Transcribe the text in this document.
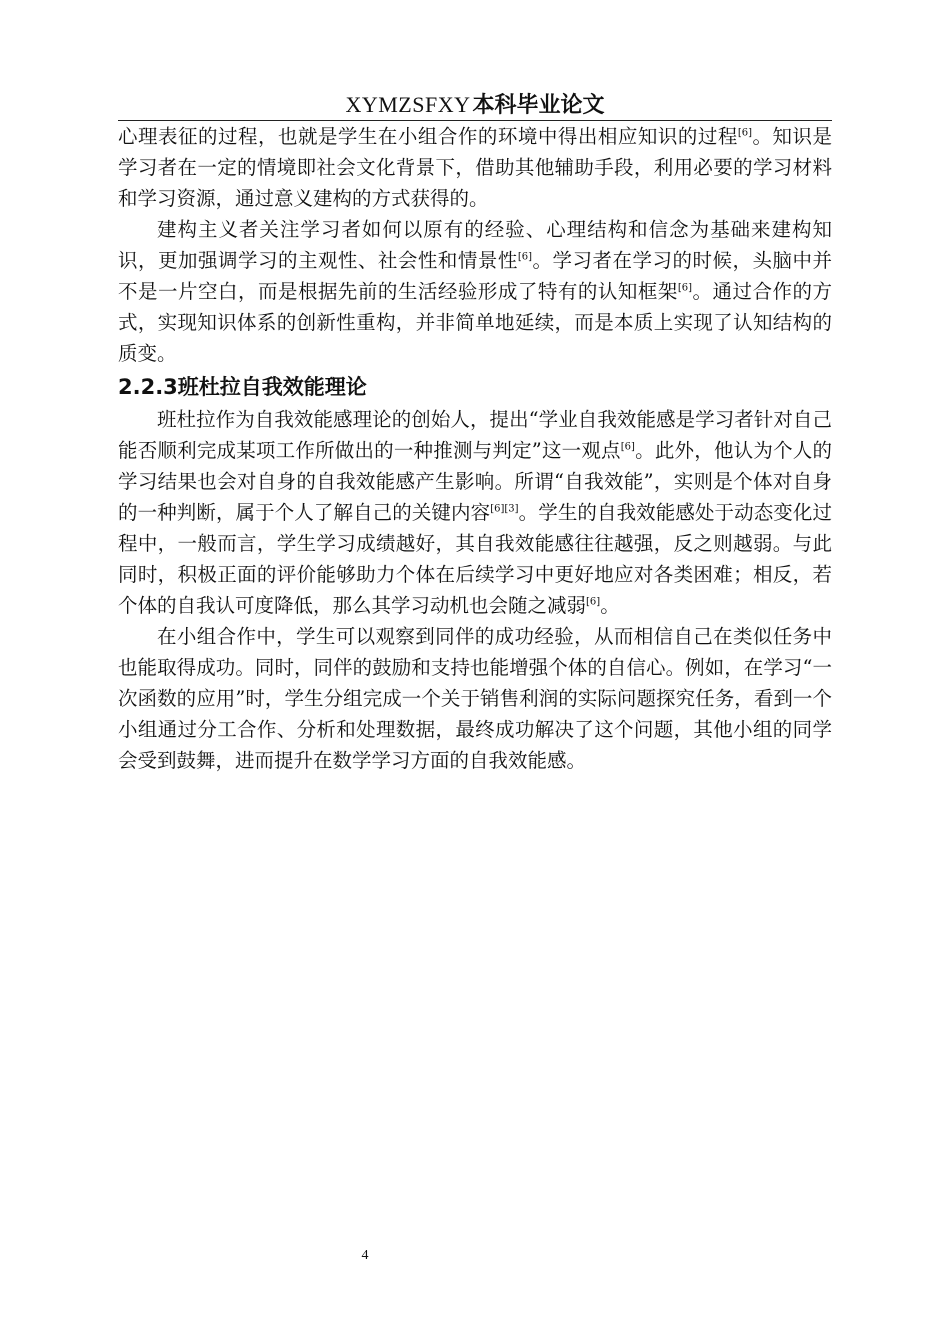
XYMZSFXY本科毕业论文

心理表征的过程，也就是学生在小组合作的环境中得出相应知识的过程[6]。知识是学习者在一定的情境即社会文化背景下，借助其他辅助手段，利用必要的学习材料和学习资源，通过意义建构的方式获得的。

建构主义者关注学习者如何以原有的经验、心理结构和信念为基础来建构知识，更加强调学习的主观性、社会性和情景性[6]。学习者在学习的时候，头脑中并不是一片空白，而是根据先前的生活经验形成了特有的认知框架[6]。通过合作的方式，实现知识体系的创新性重构，并非简单地延续，而是本质上实现了认知结构的质变。

2.2.3班杜拉自我效能理论

班杜拉作为自我效能感理论的创始人，提出“学业自我效能感是学习者针对自己能否顺利完成某项工作所做出的一种推测与判定”这一观点[6]。此外，他认为个人的学习结果也会对自身的自我效能感产生影响。所谓“自我效能”，实则是个体对自身的一种判断，属于个人了解自己的关键内容[6][3]。学生的自我效能感处于动态变化过程中，一般而言，学生学习成绩越好，其自我效能感往往越强，反之则越弱。与此同时，积极正面的评价能够助力个体在后续学习中更好地应对各类困难；相反，若个体的自我认可度降低，那么其学习动机也会随之减弱[6]。

在小组合作中，学生可以观察到同伴的成功经验，从而相信自己在类似任务中也能取得成功。同时，同伴的鼓励和支持也能增强个体的自信心。例如，在学习“一次函数的应用”时，学生分组完成一个关于销售利润的实际问题探究任务，看到一个小组通过分工合作、分析和处理数据，最终成功解决了这个问题，其他小组的同学会受到鼓舞，进而提升在数学学习方面的自我效能感。

4
